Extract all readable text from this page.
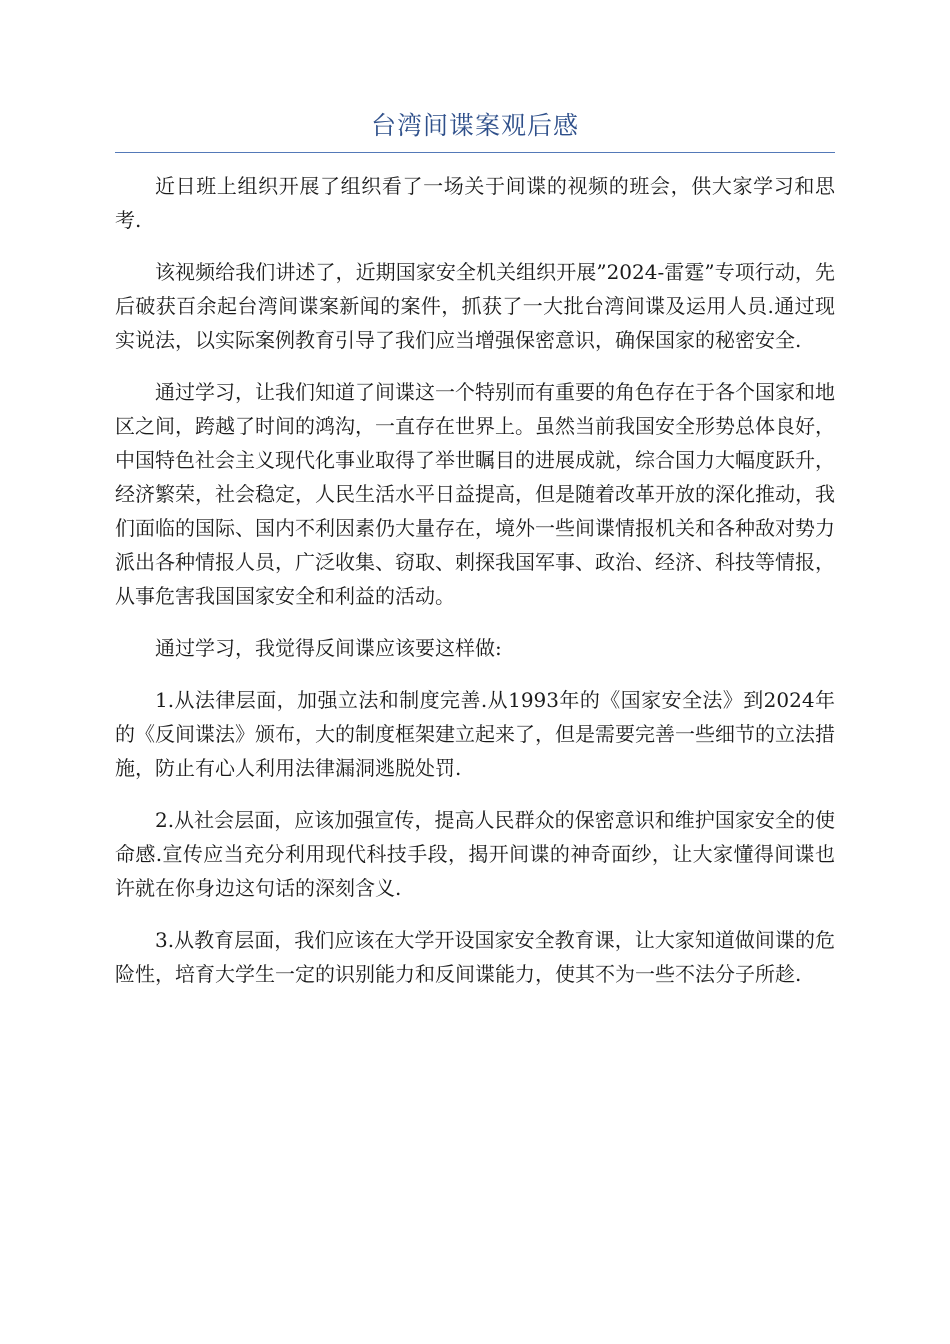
台湾间谍案观后感

近日班上组织开展了组织看了一场关于间谍的视频的班会，供大家学习和思考.

该视频给我们讲述了，近期国家安全机关组织开展”2024-雷霆”专项行动，先后破获百余起台湾间谍案新闻的案件，抓获了一大批台湾间谍及运用人员.通过现实说法，以实际案例教育引导了我们应当增强保密意识，确保国家的秘密安全.

通过学习，让我们知道了间谍这一个特别而有重要的角色存在于各个国家和地区之间，跨越了时间的鸿沟，一直存在世界上。虽然当前我国安全形势总体良好，中国特色社会主义现代化事业取得了举世瞩目的进展成就，综合国力大幅度跃升，经济繁荣，社会稳定，人民生活水平日益提高，但是随着改革开放的深化推动，我们面临的国际、国内不利因素仍大量存在，境外一些间谍情报机关和各种敌对势力派出各种情报人员，广泛收集、窃取、刺探我国军事、政治、经济、科技等情报，从事危害我国国家安全和利益的活动。

通过学习，我觉得反间谍应该要这样做:

1.从法律层面，加强立法和制度完善.从1993年的《国家安全法》到2024年的《反间谍法》颁布，大的制度框架建立起来了，但是需要完善一些细节的立法措施，防止有心人利用法律漏洞逃脱处罚.

2.从社会层面，应该加强宣传，提高人民群众的保密意识和维护国家安全的使命感.宣传应当充分利用现代科技手段，揭开间谍的神奇面纱，让大家懂得间谍也许就在你身边这句话的深刻含义.

3.从教育层面，我们应该在大学开设国家安全教育课，让大家知道做间谍的危险性，培育大学生一定的识别能力和反间谍能力，使其不为一些不法分子所趁.
